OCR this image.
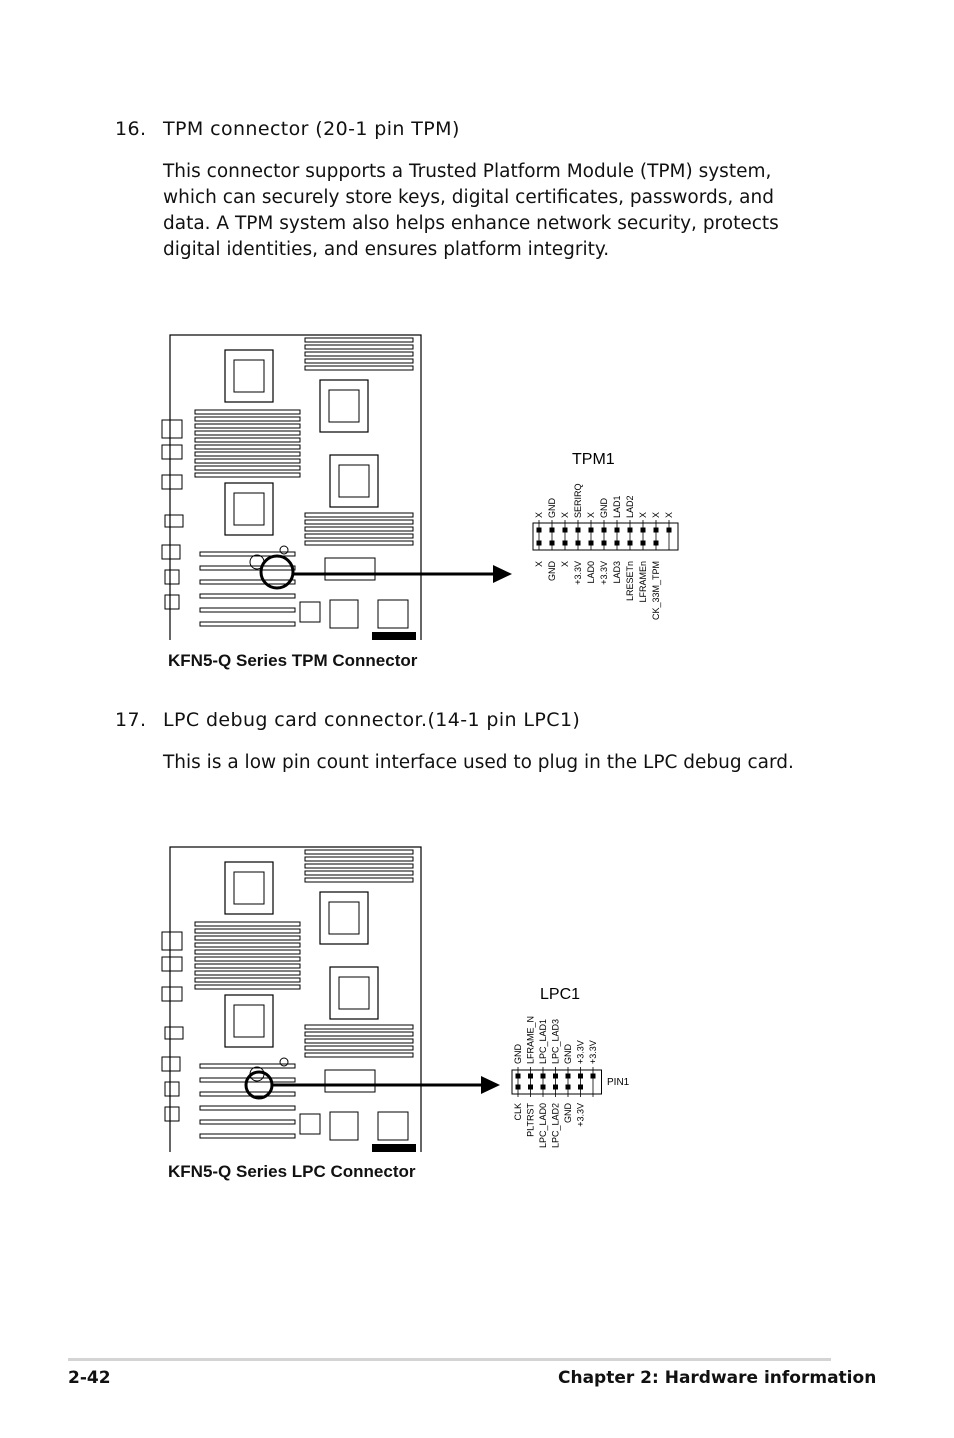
16. TPM connector (20-1 pin TPM)
This connector supports a Trusted Platform Module (TPM) system, which can securely store keys, digital certificates, passwords, and data. A TPM system also helps enhance network security, protects digital identities, and ensures platform integrity.
KFN5-Q Series TPM Connector
TPM1
X GND X SERIRQ X GND LAD1 LAD2 X X X
X GND X +3.3V LAD0 +3.3V LAD3 LRESETn LFRAMEn CK_33M_TPM
17. LPC debug card connector.(14-1 pin LPC1)
This is a low pin count interface used to plug in the LPC debug card.
KFN5-Q Series LPC Connector
LPC1
PIN1
GND LFRAME_N LPC_LAD1 LPC_LAD3 GND +3.3V +3.3V
CLK PLTRST LPC_LAD0 LPC_LAD2 GND +3.3V
2-42	Chapter 2: Hardware information
